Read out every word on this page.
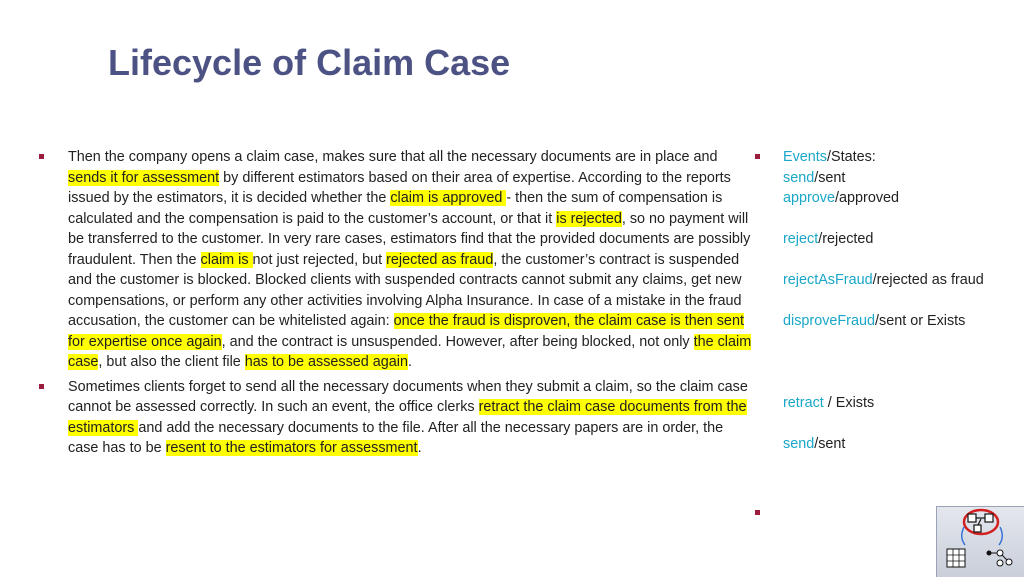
Lifecycle of Claim Case
Then the company opens a claim case, makes sure that all the necessary documents are in place and sends it for assessment by different estimators based on their area of expertise. According to the reports issued by the estimators, it is decided whether the claim is approved - then the sum of compensation is calculated and the compensation is paid to the customer’s account, or that it is rejected, so no payment will be transferred to the customer. In very rare cases, estimators find that the provided documents are possibly fraudulent. Then the claim is not just rejected, but rejected as fraud, the customer’s contract is suspended and the customer is blocked. Blocked clients with suspended contracts cannot submit any claims, get new compensations, or perform any other activities involving Alpha Insurance. In case of a mistake in the fraud accusation, the customer can be whitelisted again: once the fraud is disproven, the claim case is then sent for expertise once again, and the contract is unsuspended. However, after being blocked, not only the claim case, but also the client file has to be assessed again.
Sometimes clients forget to send all the necessary documents when they submit a claim, so the claim case cannot be assessed correctly. In such an event, the office clerks retract the claim case documents from the estimators and add the necessary documents to the file. After all the necessary papers are in order, the case has to be resent to the estimators for assessment.
Events/States:
send/sent
approve/approved
reject/rejected
rejectAsFraud/rejected as fraud
disproveFraud/sent or Exists
retract / Exists
send/sent
